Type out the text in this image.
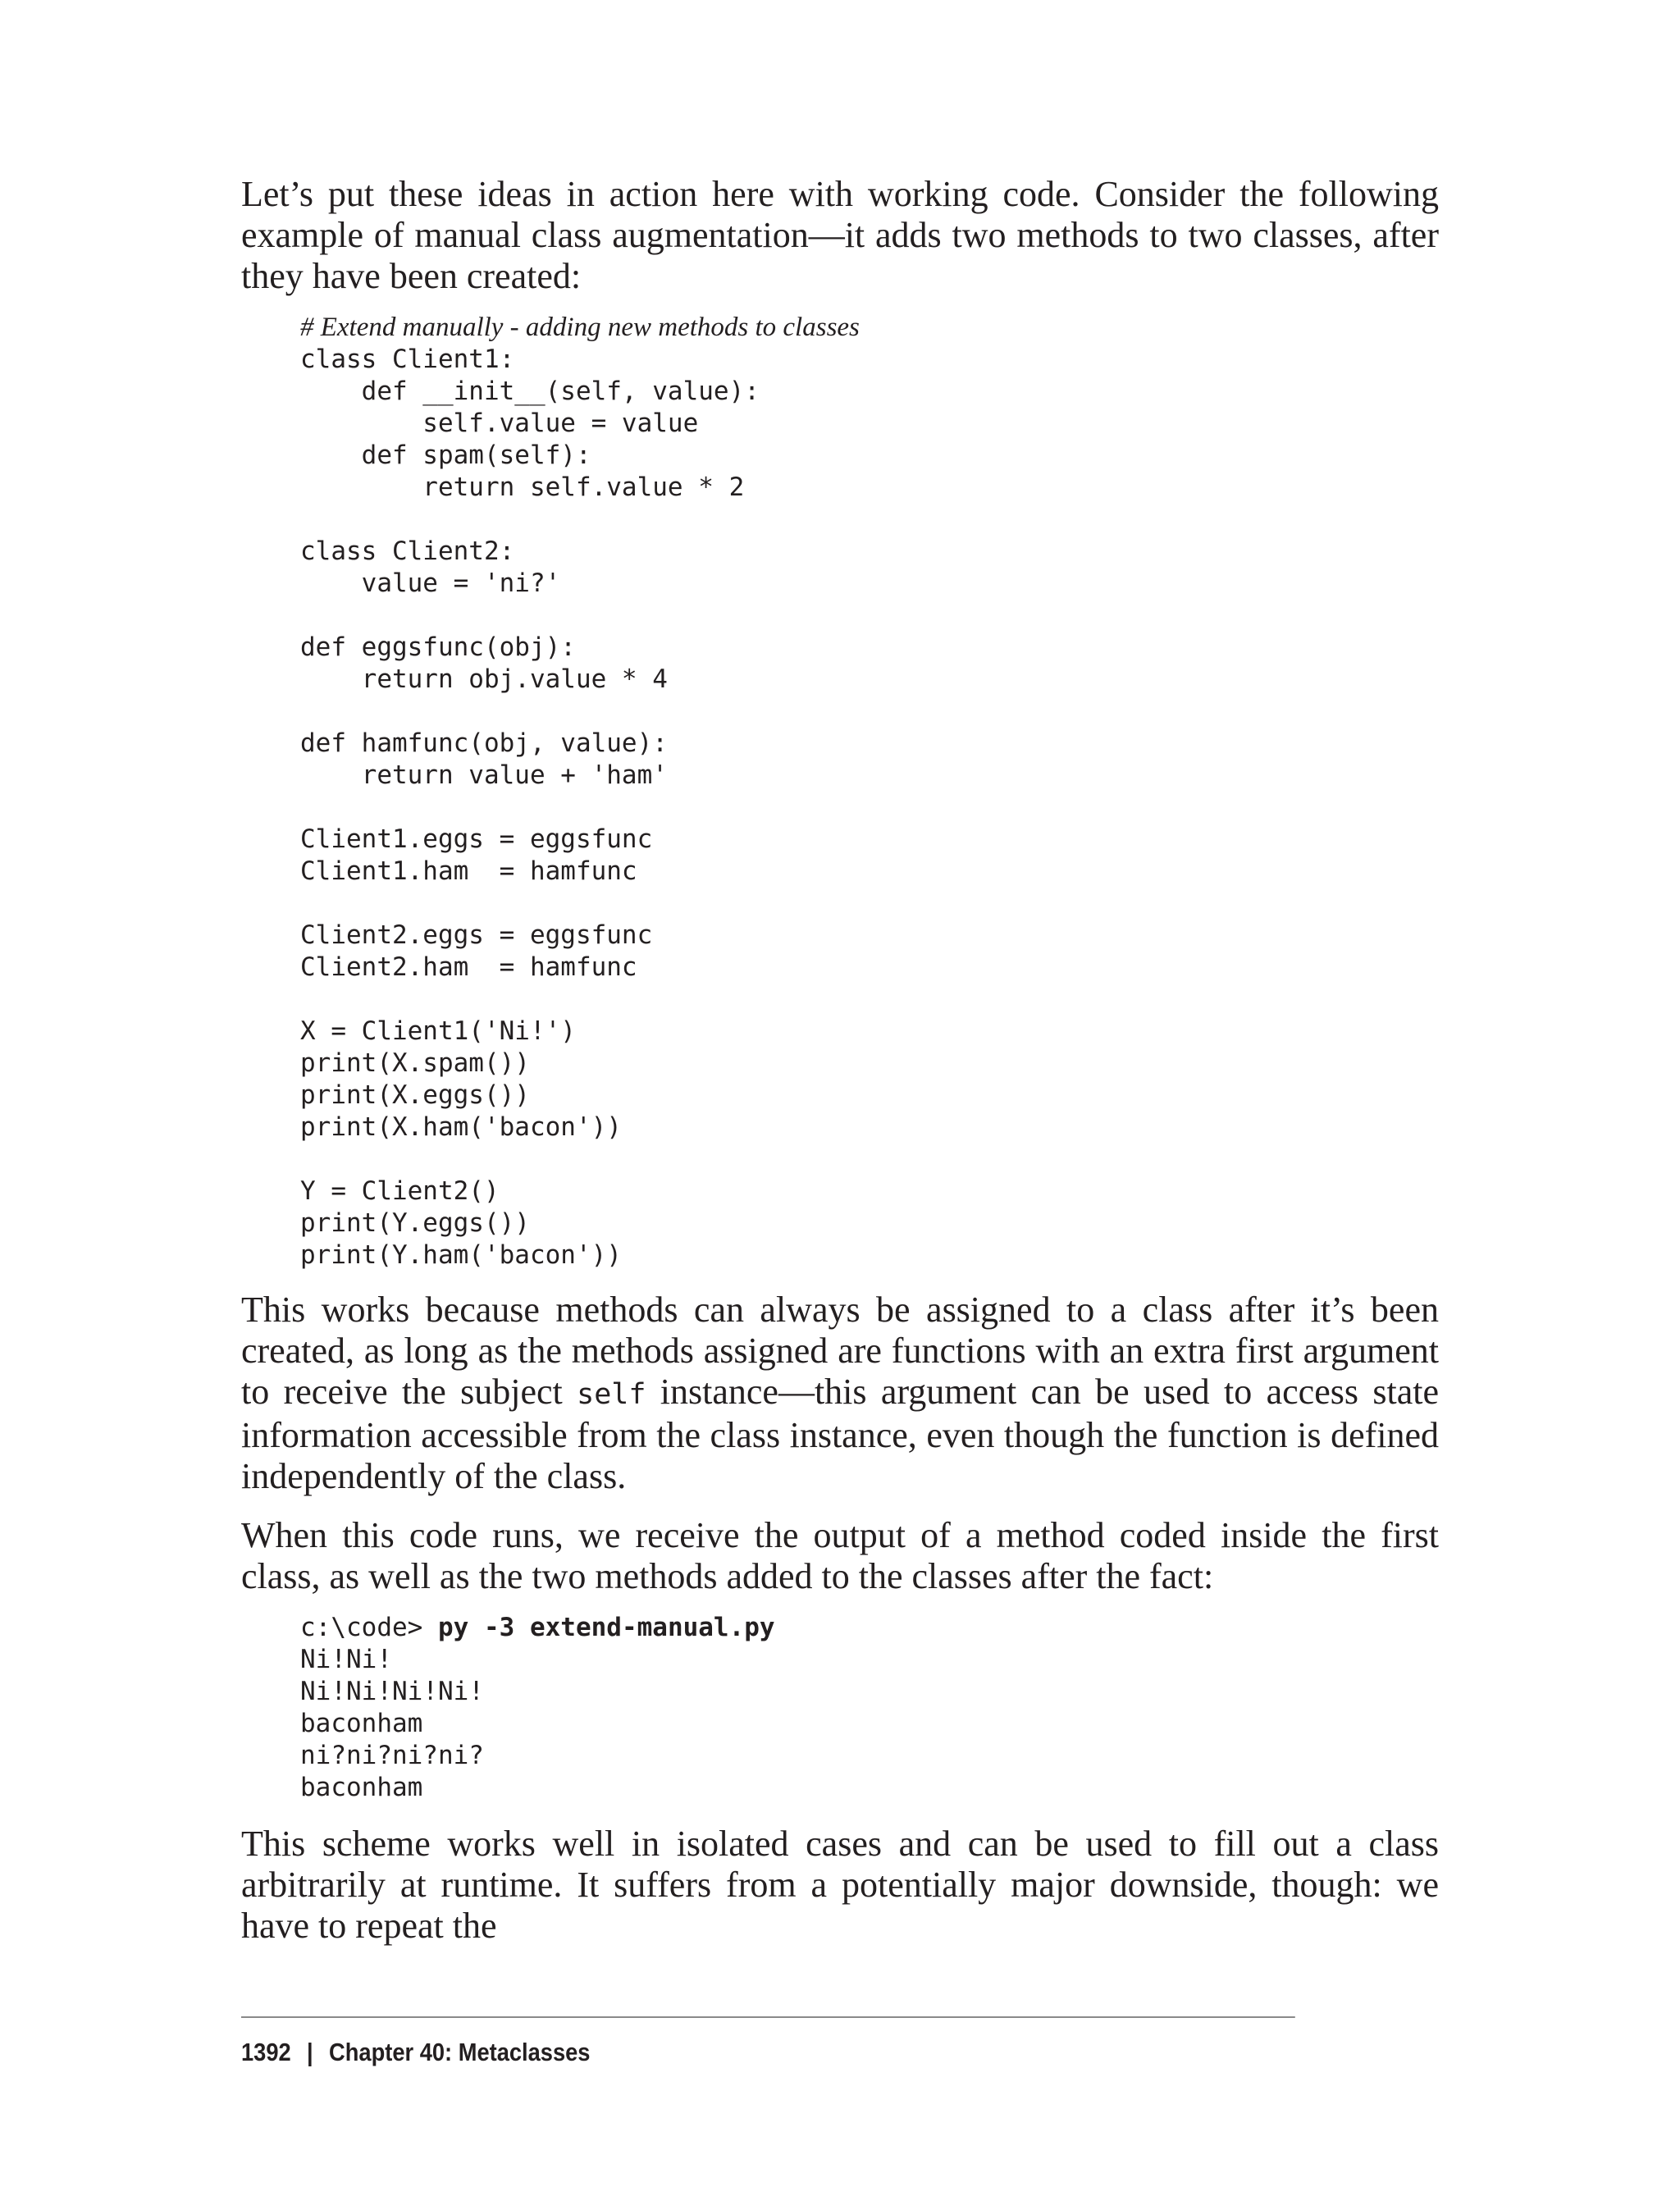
Let’s put these ideas in action here with working code. Consider the following example of manual class augmentation—it adds two methods to two classes, after they have been created:

# Extend manually - adding new methods to classes
class Client1:
def __init__(self, value):
self.value = value
def spam(self):
return self.value * 2

class Client2:
value = 'ni?'

def eggsfunc(obj):
return obj.value * 4

def hamfunc(obj, value):
return value + 'ham'

Client1.eggs = eggsfunc
Client1.ham  = hamfunc

Client2.eggs = eggsfunc
Client2.ham  = hamfunc

X = Client1('Ni!')
print(X.spam())
print(X.eggs())
print(X.ham('bacon'))

Y = Client2()
print(Y.eggs())
print(Y.ham('bacon'))

This works because methods can always be assigned to a class after it’s been created, as long as the methods assigned are functions with an extra first argument to receive the subject self instance—this argument can be used to access state information accessible from the class instance, even though the function is defined independently of the class.

When this code runs, we receive the output of a method coded inside the first class, as well as the two methods added to the classes after the fact:

c:\code> py -3 extend-manual.py
Ni!Ni!
Ni!Ni!Ni!Ni!
baconham
ni?ni?ni?ni?
baconham

This scheme works well in isolated cases and can be used to fill out a class arbitrarily at runtime. It suffers from a potentially major downside, though: we have to repeat the

1392 | Chapter 40: Metaclasses
